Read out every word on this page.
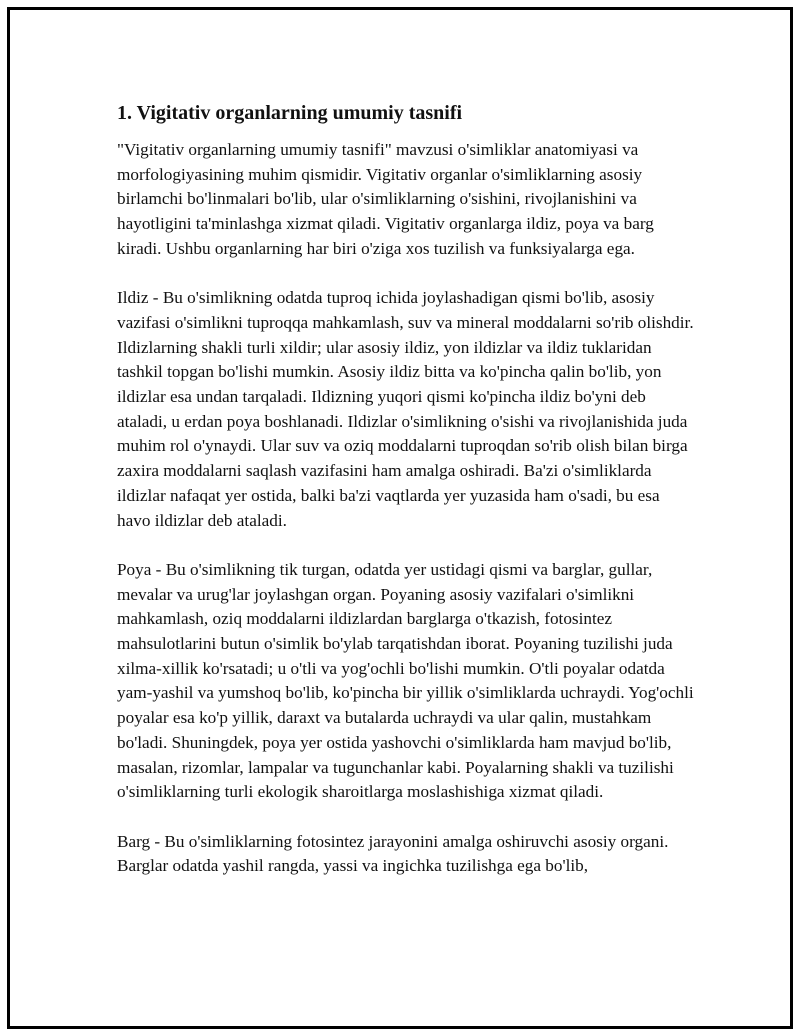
1. Vigitativ organlarning umumiy tasnifi

"Vigitativ organlarning umumiy tasnifi" mavzusi o'simliklar anatomiyasi va morfologiyasining muhim qismidir. Vigitativ organlar o'simliklarning asosiy birlamchi bo'linmalari bo'lib, ular o'simliklarning o'sishini, rivojlanishini va hayotligini ta'minlashga xizmat qiladi. Vigitativ organlarga ildiz, poya va barg kiradi. Ushbu organlarning har biri o'ziga xos tuzilish va funksiyalarga ega.

Ildiz - Bu o'simlikning odatda tuproq ichida joylashadigan qismi bo'lib, asosiy vazifasi o'simlikni tuproqqa mahkamlash, suv va mineral moddalarni so'rib olishdir. Ildizlarning shakli turli xildir; ular asosiy ildiz, yon ildizlar va ildiz tuklaridan tashkil topgan bo'lishi mumkin. Asosiy ildiz bitta va ko'pincha qalin bo'lib, yon ildizlar esa undan tarqaladi. Ildizning yuqori qismi ko'pincha ildiz bo'yni deb ataladi, u erdan poya boshlanadi. Ildizlar o'simlikning o'sishi va rivojlanishida juda muhim rol o'ynaydi. Ular suv va oziq moddalarni tuproqdan so'rib olish bilan birga zaxira moddalarni saqlash vazifasini ham amalga oshiradi. Ba'zi o'simliklarda ildizlar nafaqat yer ostida, balki ba'zi vaqtlarda yer yuzasida ham o'sadi, bu esa havo ildizlar deb ataladi.

Poya - Bu o'simlikning tik turgan, odatda yer ustidagi qismi va barglar, gullar, mevalar va urug'lar joylashgan organ. Poyaning asosiy vazifalari o'simlikni mahkamlash, oziq moddalarni ildizlardan barglarga o'tkazish, fotosintez mahsulotlarini butun o'simlik bo'ylab tarqatishdan iborat. Poyaning tuzilishi juda xilma-xillik ko'rsatadi; u o'tli va yog'ochli bo'lishi mumkin. O'tli poyalar odatda yam-yashil va yumshoq bo'lib, ko'pincha bir yillik o'simliklarda uchraydi. Yog'ochli poyalar esa ko'p yillik, daraxt va butalarda uchraydi va ular qalin, mustahkam bo'ladi. Shuningdek, poya yer ostida yashovchi o'simliklarda ham mavjud bo'lib, masalan, rizomlar, lampalar va tugunchanlar kabi. Poyalarning shakli va tuzilishi o'simliklarning turli ekologik sharoitlarga moslashishiga xizmat qiladi.

Barg - Bu o'simliklarning fotosintez jarayonini amalga oshiruvchi asosiy organi. Barglar odatda yashil rangda, yassi va ingichka tuzilishga ega bo'lib,
